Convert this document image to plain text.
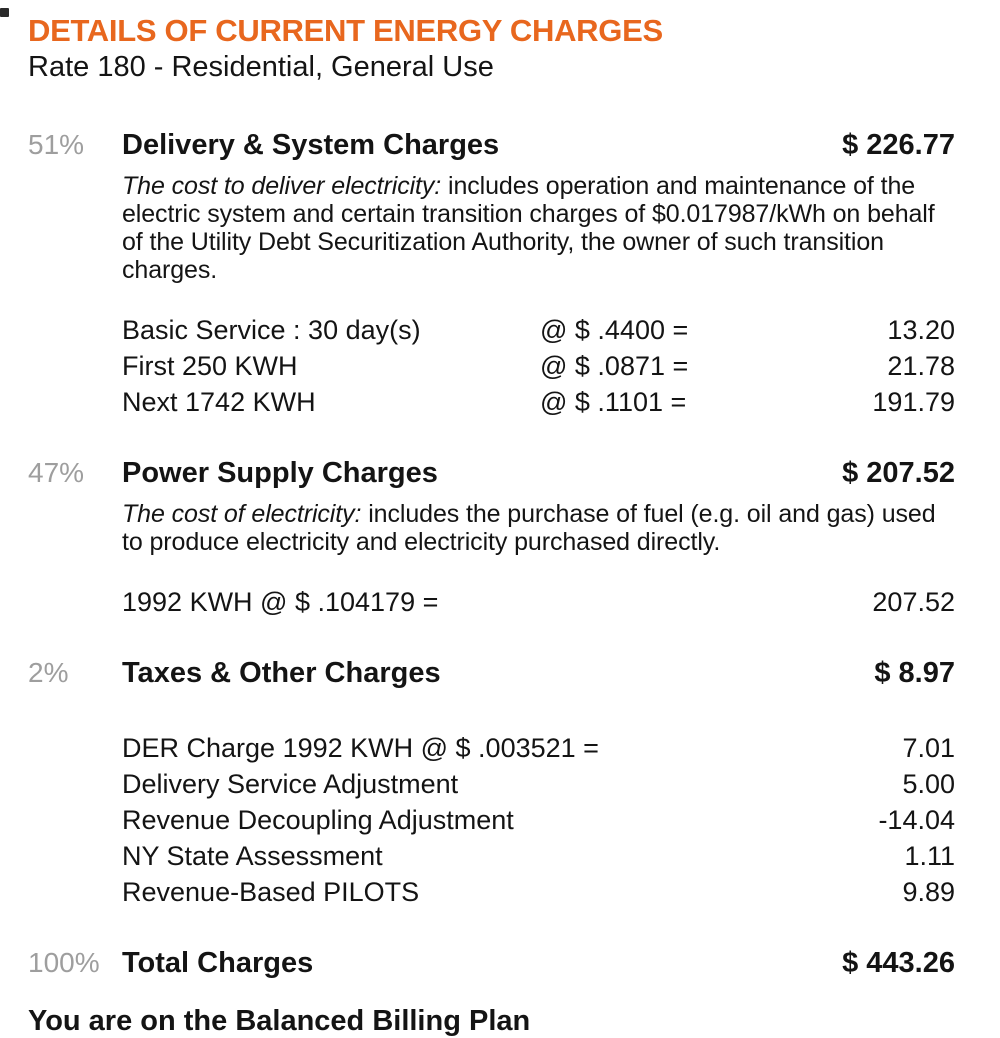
DETAILS OF CURRENT ENERGY CHARGES
Rate 180 - Residential, General Use
51%	Delivery & System Charges	$ 226.77
The cost to deliver electricity: includes operation and maintenance of the electric system and certain transition charges of $0.017987/kWh on behalf of the Utility Debt Securitization Authority, the owner of such transition charges.
Basic Service : 30 day(s)	@ $ .4400 =	13.20
First 250 KWH	@ $ .0871 =	21.78
Next 1742 KWH	@ $ .1101 =	191.79
47%	Power Supply Charges	$ 207.52
The cost of electricity: includes the purchase of fuel (e.g. oil and gas) used to produce electricity and electricity purchased directly.
1992 KWH @ $ .104179 =	207.52
2%	Taxes & Other Charges	$ 8.97
DER Charge 1992 KWH @ $ .003521 =	7.01
Delivery Service Adjustment	5.00
Revenue Decoupling Adjustment	-14.04
NY State Assessment	1.11
Revenue-Based PILOTS	9.89
100% Total Charges	$ 443.26
You are on the Balanced Billing Plan
